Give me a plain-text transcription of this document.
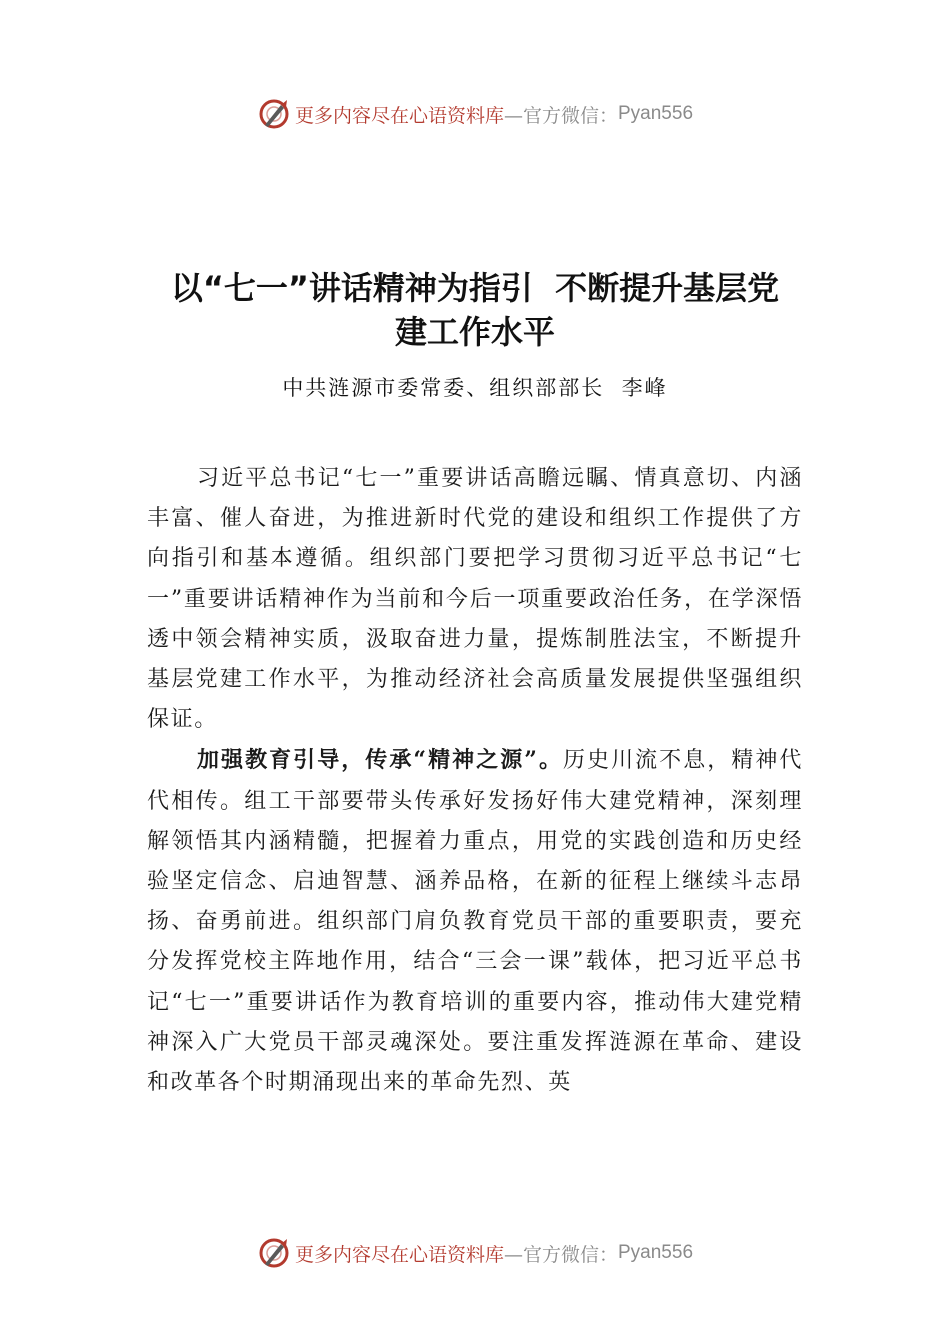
更多内容尽在心语资料库 —官方微信： Pyan556
以“七一”讲话精神为指引  不断提升基层党
建工作水平
中共涟源市委常委、组织部部长  李峰

习近平总书记“七一”重要讲话高瞻远瞩、情真意切、内涵丰富、催人奋进，为推进新时代党的建设和组织工作提供了方向指引和基本遵循。组织部门要把学习贯彻习近平总书记“七一”重要讲话精神作为当前和今后一项重要政治任务，在学深悟透中领会精神实质，汲取奋进力量，提炼制胜法宝，不断提升基层党建工作水平，为推动经济社会高质量发展提供坚强组织保证。

加强教育引导，传承“精神之源”。历史川流不息，精神代代相传。组工干部要带头传承好发扬好伟大建党精神，深刻理解领悟其内涵精髓，把握着力重点，用党的实践创造和历史经验坚定信念、启迪智慧、涵养品格，在新的征程上继续斗志昂扬、奋勇前进。组织部门肩负教育党员干部的重要职责，要充分发挥党校主阵地作用，结合“三会一课”载体，把习近平总书记“七一”重要讲话作为教育培训的重要内容，推动伟大建党精神深入广大党员干部灵魂深处。要注重发挥涟源在革命、建设和改革各个时期涌现出来的革命先烈、英

更多内容尽在心语资料库 —官方微信： Pyan556
